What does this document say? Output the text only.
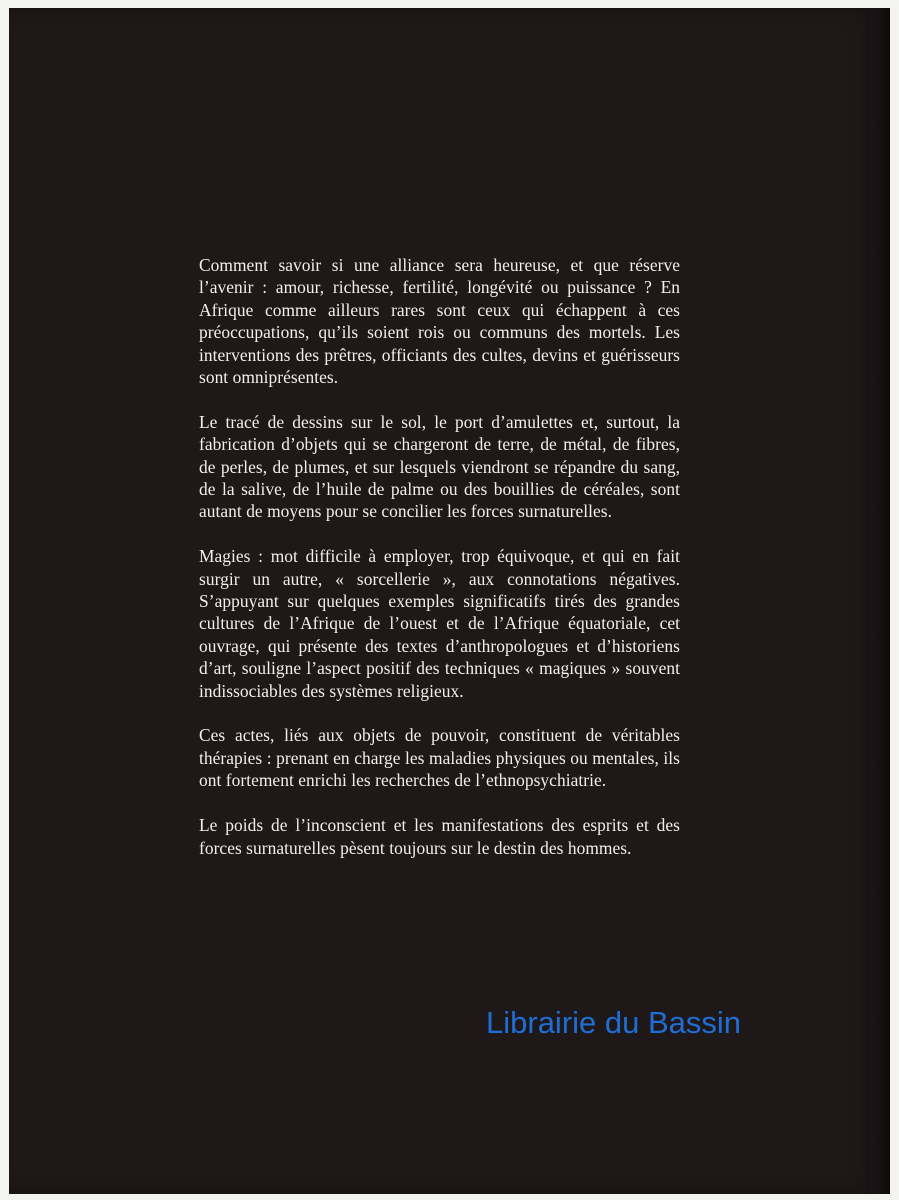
Comment savoir si une alliance sera heureuse, et que réserve l’avenir : amour, richesse, fertilité, longévité ou puissance ? En Afrique comme ailleurs rares sont ceux qui échappent à ces préoccupations, qu’ils soient rois ou communs des mortels. Les interventions des prêtres, officiants des cultes, devins et guérisseurs sont omniprésentes.

Le tracé de dessins sur le sol, le port d’amulettes et, surtout, la fabrication d’objets qui se chargeront de terre, de métal, de fibres, de perles, de plumes, et sur lesquels viendront se répandre du sang, de la salive, de l’huile de palme ou des bouillies de céréales, sont autant de moyens pour se concilier les forces surnaturelles.

Magies : mot difficile à employer, trop équivoque, et qui en fait surgir un autre, « sorcellerie », aux connotations négatives. S’appuyant sur quelques exemples significatifs tirés des grandes cultures de l’Afrique de l’ouest et de l’Afrique équatoriale, cet ouvrage, qui présente des textes d’anthropologues et d’historiens d’art, souligne l’aspect positif des techniques « magiques » souvent indissociables des systèmes religieux.

Ces actes, liés aux objets de pouvoir, constituent de véritables thérapies : prenant en charge les maladies physiques ou mentales, ils ont fortement enrichi les recherches de l’ethnopsychiatrie.

Le poids de l’inconscient et les manifestations des esprits et des forces surnaturelles pèsent toujours sur le destin des hommes.

Librairie du Bassin
